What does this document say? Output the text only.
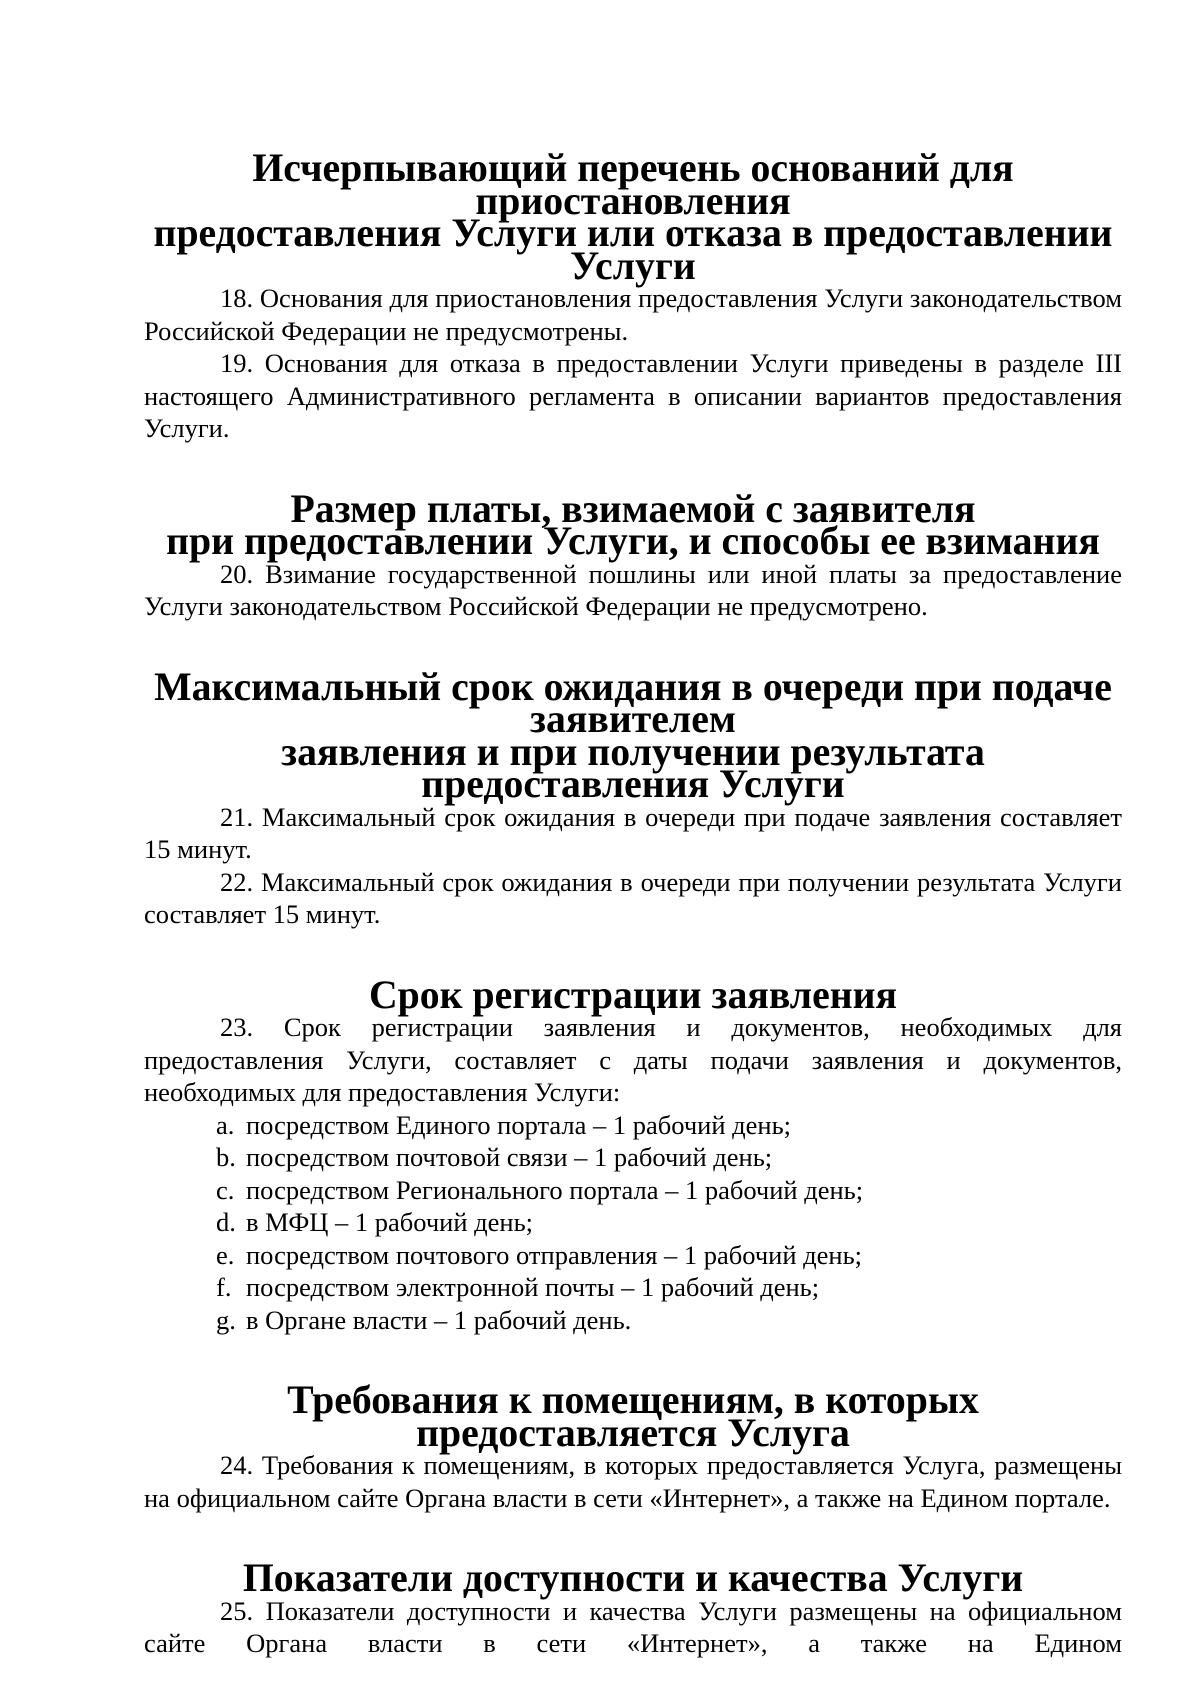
Исчерпывающий перечень оснований для приостановления
предоставления Услуги или отказа в предоставлении Услуги

18. Основания для приостановления предоставления Услуги законодательством Российской Федерации не предусмотрены.

19. Основания для отказа в предоставлении Услуги приведены в разделе III настоящего Административного регламента в описании вариантов предоставления Услуги.

Размер платы, взимаемой с заявителя
при предоставлении Услуги, и способы ее взимания

20. Взимание государственной пошлины или иной платы за предоставление Услуги законодательством Российской Федерации не предусмотрено.

Максимальный срок ожидания в очереди при подаче заявителем
заявления и при получении результата предоставления Услуги

21. Максимальный срок ожидания в очереди при подаче заявления составляет 15 минут.

22. Максимальный срок ожидания в очереди при получении результата Услуги составляет 15 минут.

Срок регистрации заявления

23. Срок регистрации заявления и документов, необходимых для предоставления Услуги, составляет с даты подачи заявления и документов, необходимых для предоставления Услуги:

a. посредством Единого портала – 1 рабочий день;
b. посредством почтовой связи – 1 рабочий день;
c. посредством Регионального портала – 1 рабочий день;
d. в МФЦ – 1 рабочий день;
e. посредством почтового отправления – 1 рабочий день;
f. посредством электронной почты – 1 рабочий день;
g. в Органе власти – 1 рабочий день.
Требования к помещениям, в которых предоставляется Услуга

24. Требования к помещениям, в которых предоставляется Услуга, размещены на официальном сайте Органа власти в сети «Интернет», а также на Едином портале.

Показатели доступности и качества Услуги

25. Показатели доступности и качества Услуги размещены на официальном сайте Органа власти в сети «Интернет», а также на Едином
